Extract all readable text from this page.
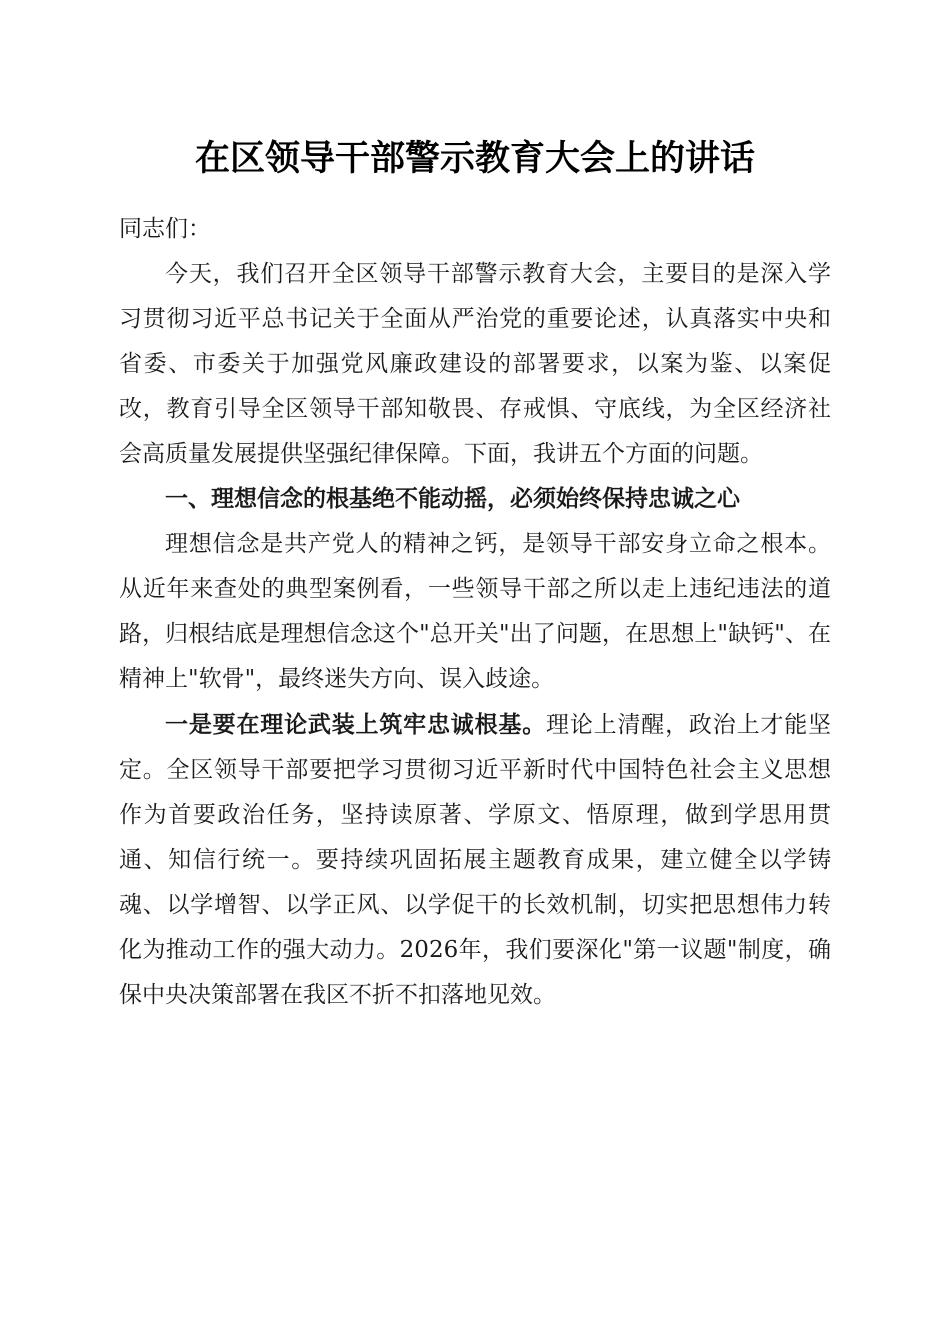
在区领导干部警示教育大会上的讲话

同志们：

今天，我们召开全区领导干部警示教育大会，主要目的是深入学习贯彻习近平总书记关于全面从严治党的重要论述，认真落实中央和省委、市委关于加强党风廉政建设的部署要求，以案为鉴、以案促改，教育引导全区领导干部知敬畏、存戒惧、守底线，为全区经济社会高质量发展提供坚强纪律保障。下面，我讲五个方面的问题。

一、理想信念的根基绝不能动摇，必须始终保持忠诚之心

理想信念是共产党人的精神之钙，是领导干部安身立命之根本。从近年来查处的典型案例看，一些领导干部之所以走上违纪违法的道路，归根结底是理想信念这个"总开关"出了问题，在思想上"缺钙"、在精神上"软骨"，最终迷失方向、误入歧途。

一是要在理论武装上筑牢忠诚根基。理论上清醒，政治上才能坚定。全区领导干部要把学习贯彻习近平新时代中国特色社会主义思想作为首要政治任务，坚持读原著、学原文、悟原理，做到学思用贯通、知信行统一。要持续巩固拓展主题教育成果，建立健全以学铸魂、以学增智、以学正风、以学促干的长效机制，切实把思想伟力转化为推动工作的强大动力。2026年，我们要深化"第一议题"制度，确保中央决策部署在我区不折不扣落地见效。
